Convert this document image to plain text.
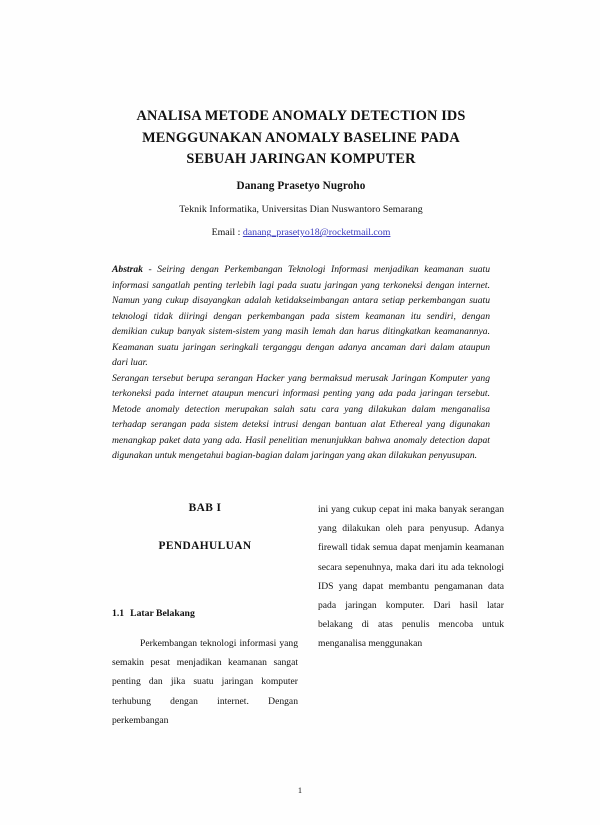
ANALISA METODE ANOMALY DETECTION IDS
MENGGUNAKAN ANOMALY BASELINE PADA
SEBUAH JARINGAN KOMPUTER
Danang Prasetyo Nugroho
Teknik Informatika, Universitas Dian Nuswantoro Semarang
Email : danang_prasetyo18@rocketmail.com

Abstrak - Seiring dengan Perkembangan Teknologi Informasi menjadikan keamanan suatu informasi sangatlah penting terlebih lagi pada suatu jaringan yang terkoneksi dengan internet. Namun yang cukup disayangkan adalah ketidakseimbangan antara setiap perkembangan suatu teknologi tidak diiringi dengan perkembangan pada sistem keamanan itu sendiri, dengan demikian cukup banyak sistem-sistem yang masih lemah dan harus ditingkatkan keamanannya. Keamanan suatu jaringan seringkali terganggu dengan adanya ancaman dari dalam ataupun dari luar.

Serangan tersebut berupa serangan Hacker yang bermaksud merusak Jaringan Komputer yang terkoneksi pada internet ataupun mencuri informasi penting yang ada pada jaringan tersebut. Metode anomaly detection merupakan salah satu cara yang dilakukan dalam menganalisa terhadap serangan pada sistem deteksi intrusi dengan bantuan alat Ethereal yang digunakan menangkap paket data yang ada. Hasil penelitian menunjukkan bahwa anomaly detection dapat digunakan untuk mengetahui bagian-bagian dalam jaringan yang akan dilakukan penyusupan.

BAB I
PENDAHULUAN
1.1 Latar Belakang

Perkembangan teknologi informasi yang semakin pesat menjadikan keamanan sangat penting dan jika suatu jaringan komputer terhubung dengan internet. Dengan perkembangan

ini yang cukup cepat ini maka banyak serangan yang dilakukan oleh para penyusup. Adanya firewall tidak semua dapat menjamin keamanan secara sepenuhnya, maka dari itu ada teknologi IDS yang dapat membantu pengamanan data pada jaringan komputer. Dari hasil latar belakang di atas penulis mencoba untuk menganalisa menggunakan

1
